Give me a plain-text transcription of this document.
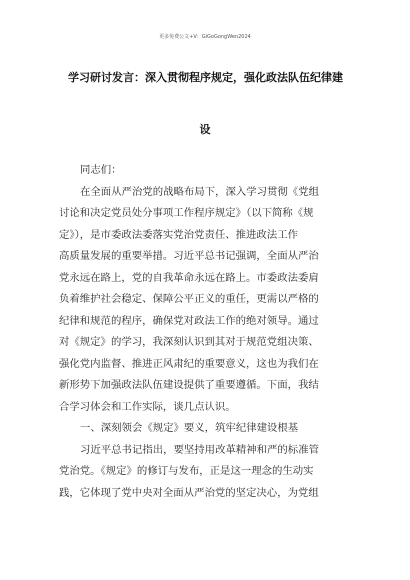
更多免费公文+V：GiGoGongWen2024
学习研讨发言：深入贯彻程序规定，强化政法队伍纪律建
设
同志们：
在全面从严治党的战略布局下，深入学习贯彻《党组
讨论和决定党员处分事项工作程序规定》（以下简称《规
定》），是市委政法委落实党治党责任、推进政法工作
高质量发展的重要举措。习近平总书记强调，全面从严治
党永远在路上，党的自我革命永远在路上。市委政法委肩
负着维护社会稳定、保障公平正义的重任，更需以严格的
纪律和规范的程序，确保党对政法工作的绝对领导。通过
对《规定》的学习，我深刻认识到其对于规范党组决策、
强化党内监督、推进正风肃纪的重要意义，这也为我们在
新形势下加强政法队伍建设提供了重要遵循。下面，我结
合学习体会和工作实际，谈几点认识。
一、深刻领会《规定》要义，筑牢纪律建设根基
习近平总书记指出，要坚持用改革精神和严的标准管
党治党。《规定》的修订与发布，正是这一理念的生动实
践，它体现了党中央对全面从严治党的坚定决心，为党组
